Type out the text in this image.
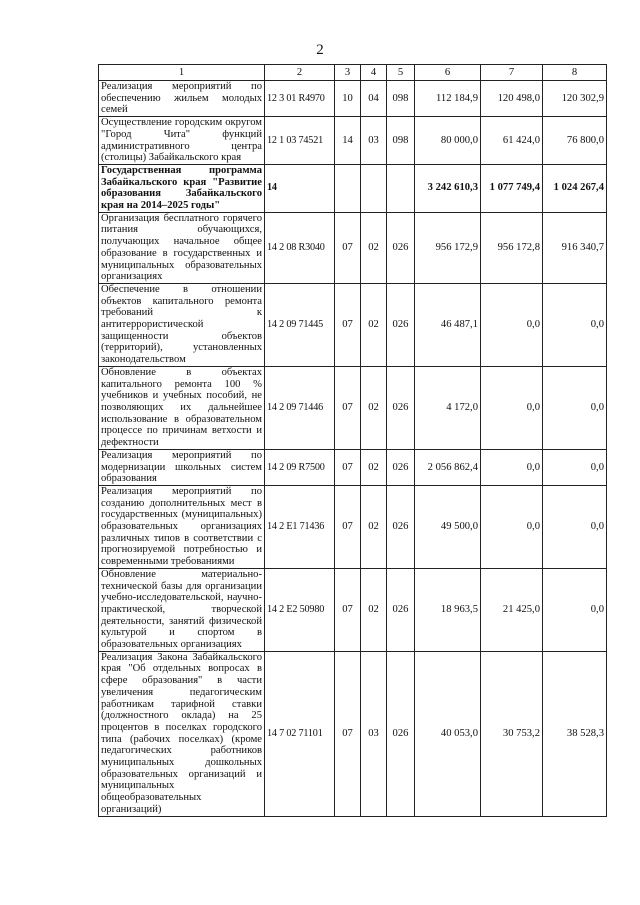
2
1	2	3	4	5	6	7	8
Реализация мероприятий по обеспечению жильем молодых семей	12 3 01 R4970	10	04	098	112 184,9	120 498,0	120 302,9
Осуществление городским округом "Город Чита" функций административного центра (столицы) Забайкальского края	12 1 03 74521	14	03	098	80 000,0	61 424,0	76 800,0
Государственная программа Забайкальского края "Развитие образования Забайкальского края на 2014–2025 годы"	14				3 242 610,3	1 077 749,4	1 024 267,4
Организация бесплатного горячего питания обучающихся, получающих начальное общее образование в государственных и муниципальных образовательных организациях	14 2 08 R3040	07	02	026	956 172,9	956 172,8	916 340,7
Обеспечение в отношении объектов капитального ремонта требований к антитеррористической защищенности объектов (территорий), установленных законодательством	14 2 09 71445	07	02	026	46 487,1	0,0	0,0
Обновление в объектах капитального ремонта 100 % учебников и учебных пособий, не позволяющих их дальнейшее использование в образовательном процессе по причинам ветхости и дефектности	14 2 09 71446	07	02	026	4 172,0	0,0	0,0
Реализация мероприятий по модернизации школьных систем образования	14 2 09 R7500	07	02	026	2 056 862,4	0,0	0,0
Реализация мероприятий по созданию дополнительных мест в государственных (муниципальных) образовательных организациях различных типов в соответствии с прогнозируемой потребностью и современными требованиями	14 2 E1 71436	07	02	026	49 500,0	0,0	0,0
Обновление материально-технической базы для организации учебно-исследовательской, научно-практической, творческой деятельности, занятий физической культурой и спортом в образовательных организациях	14 2 E2 50980	07	02	026	18 963,5	21 425,0	0,0
Реализация Закона Забайкальского края "Об отдельных вопросах в сфере образования" в части увеличения педагогическим работникам тарифной ставки (должностного оклада) на 25 процентов в поселках городского типа (рабочих поселках) (кроме педагогических работников муниципальных дошкольных образовательных организаций и муниципальных общеобразовательных организаций)	14 7 02 71101	07	03	026	40 053,0	30 753,2	38 528,3
